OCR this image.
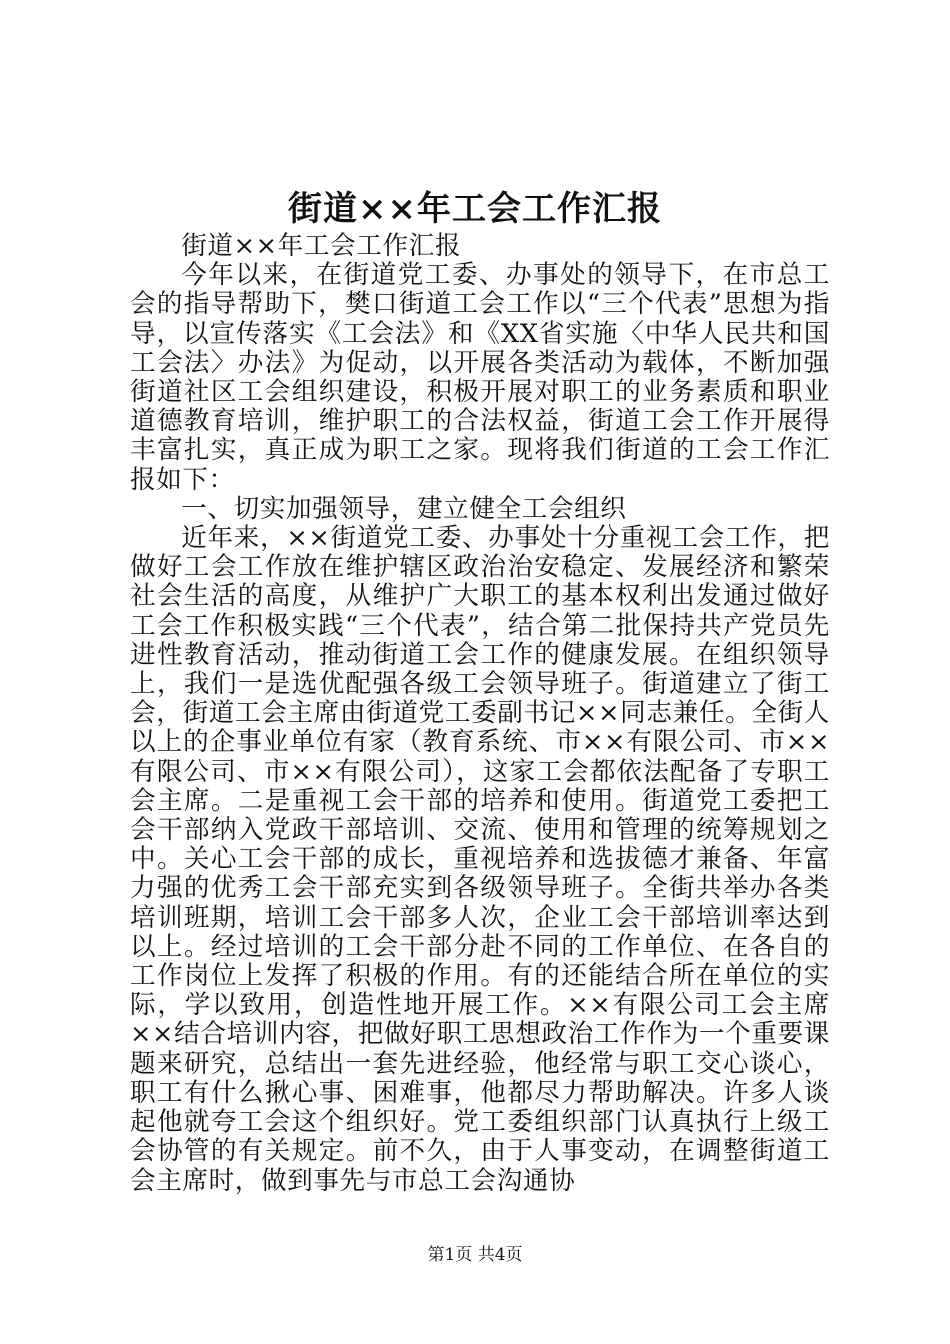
街道××年工会工作汇报

街道××年工会工作汇报

今年以来，在街道党工委、办事处的领导下，在市总工会的指导帮助下，樊口街道工会工作以“三个代表”思想为指导，以宣传落实《工会法》和《XX省实施〈中华人民共和国工会法〉办法》为促动，以开展各类活动为载体，不断加强街道社区工会组织建设，积极开展对职工的业务素质和职业道德教育培训，维护职工的合法权益，街道工会工作开展得丰富扎实，真正成为职工之家。现将我们街道的工会工作汇报如下：

一、切实加强领导，建立健全工会组织

近年来，××街道党工委、办事处十分重视工会工作，把做好工会工作放在维护辖区政治治安稳定、发展经济和繁荣社会生活的高度，从维护广大职工的基本权利出发通过做好工会工作积极实践“三个代表”，结合第二批保持共产党员先进性教育活动，推动街道工会工作的健康发展。在组织领导上，我们一是选优配强各级工会领导班子。街道建立了街工会，街道工会主席由街道党工委副书记××同志兼任。全街人以上的企事业单位有家（教育系统、市××有限公司、市××有限公司、市××有限公司），这家工会都依法配备了专职工会主席。二是重视工会干部的培养和使用。街道党工委把工会干部纳入党政干部培训、交流、使用和管理的统筹规划之中。关心工会干部的成长，重视培养和选拔德才兼备、年富力强的优秀工会干部充实到各级领导班子。全街共举办各类培训班期，培训工会干部多人次，企业工会干部培训率达到以上。经过培训的工会干部分赴不同的工作单位、在各自的工作岗位上发挥了积极的作用。有的还能结合所在单位的实际，学以致用，创造性地开展工作。××有限公司工会主席××结合培训内容，把做好职工思想政治工作作为一个重要课题来研究，总结出一套先进经验，他经常与职工交心谈心，职工有什么揪心事、困难事，他都尽力帮助解决。许多人谈起他就夸工会这个组织好。党工委组织部门认真执行上级工会协管的有关规定。前不久，由于人事变动，在调整街道工会主席时，做到事先与市总工会沟通协

第1页 共4页
